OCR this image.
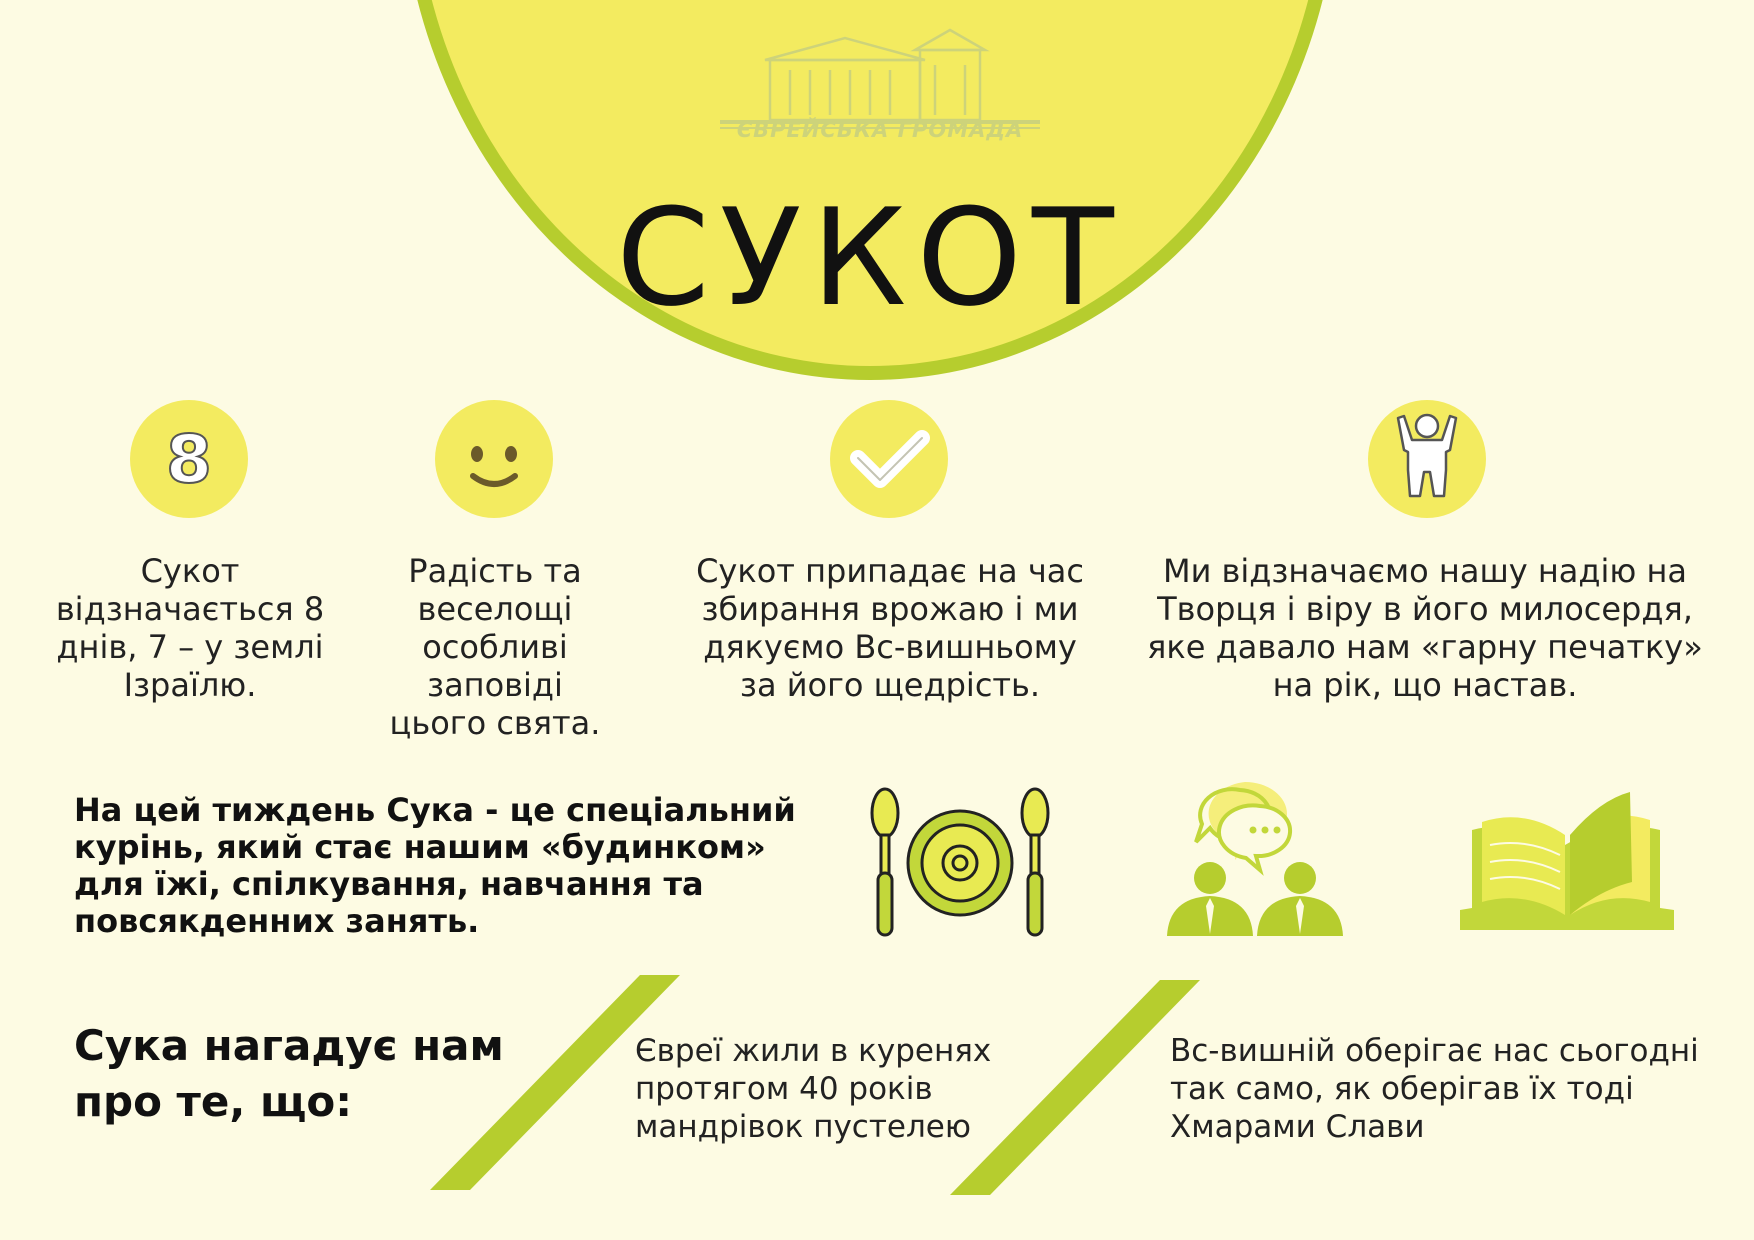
ЄВРЕЙСЬКА ГРОМАДА
СУКОТ
8
Сукот відзначається 8 днів, 7 – у землі Ізраїлю.
Радість та веселощі особливі заповіді цього свята.
Сукот припадає на час збирання врожаю і ми дякуємо Вс-вишньому за його щедрість.
Ми відзначаємо нашу надію на Творця і віру в його милосердя, яке давало нам «гарну печатку» на рік, що настав.
На цей тиждень Сука - це спеціальний курінь, який стає нашим «будинком» для їжі, спілкування, навчання та повсякденних занять.
Сука нагадує нам про те, що:
Євреї жили в куренях протягом 40 років мандрівок пустелею
Вс-вишній оберігає нас сьогодні так само, як оберігав їх тоді Хмарами Слави
